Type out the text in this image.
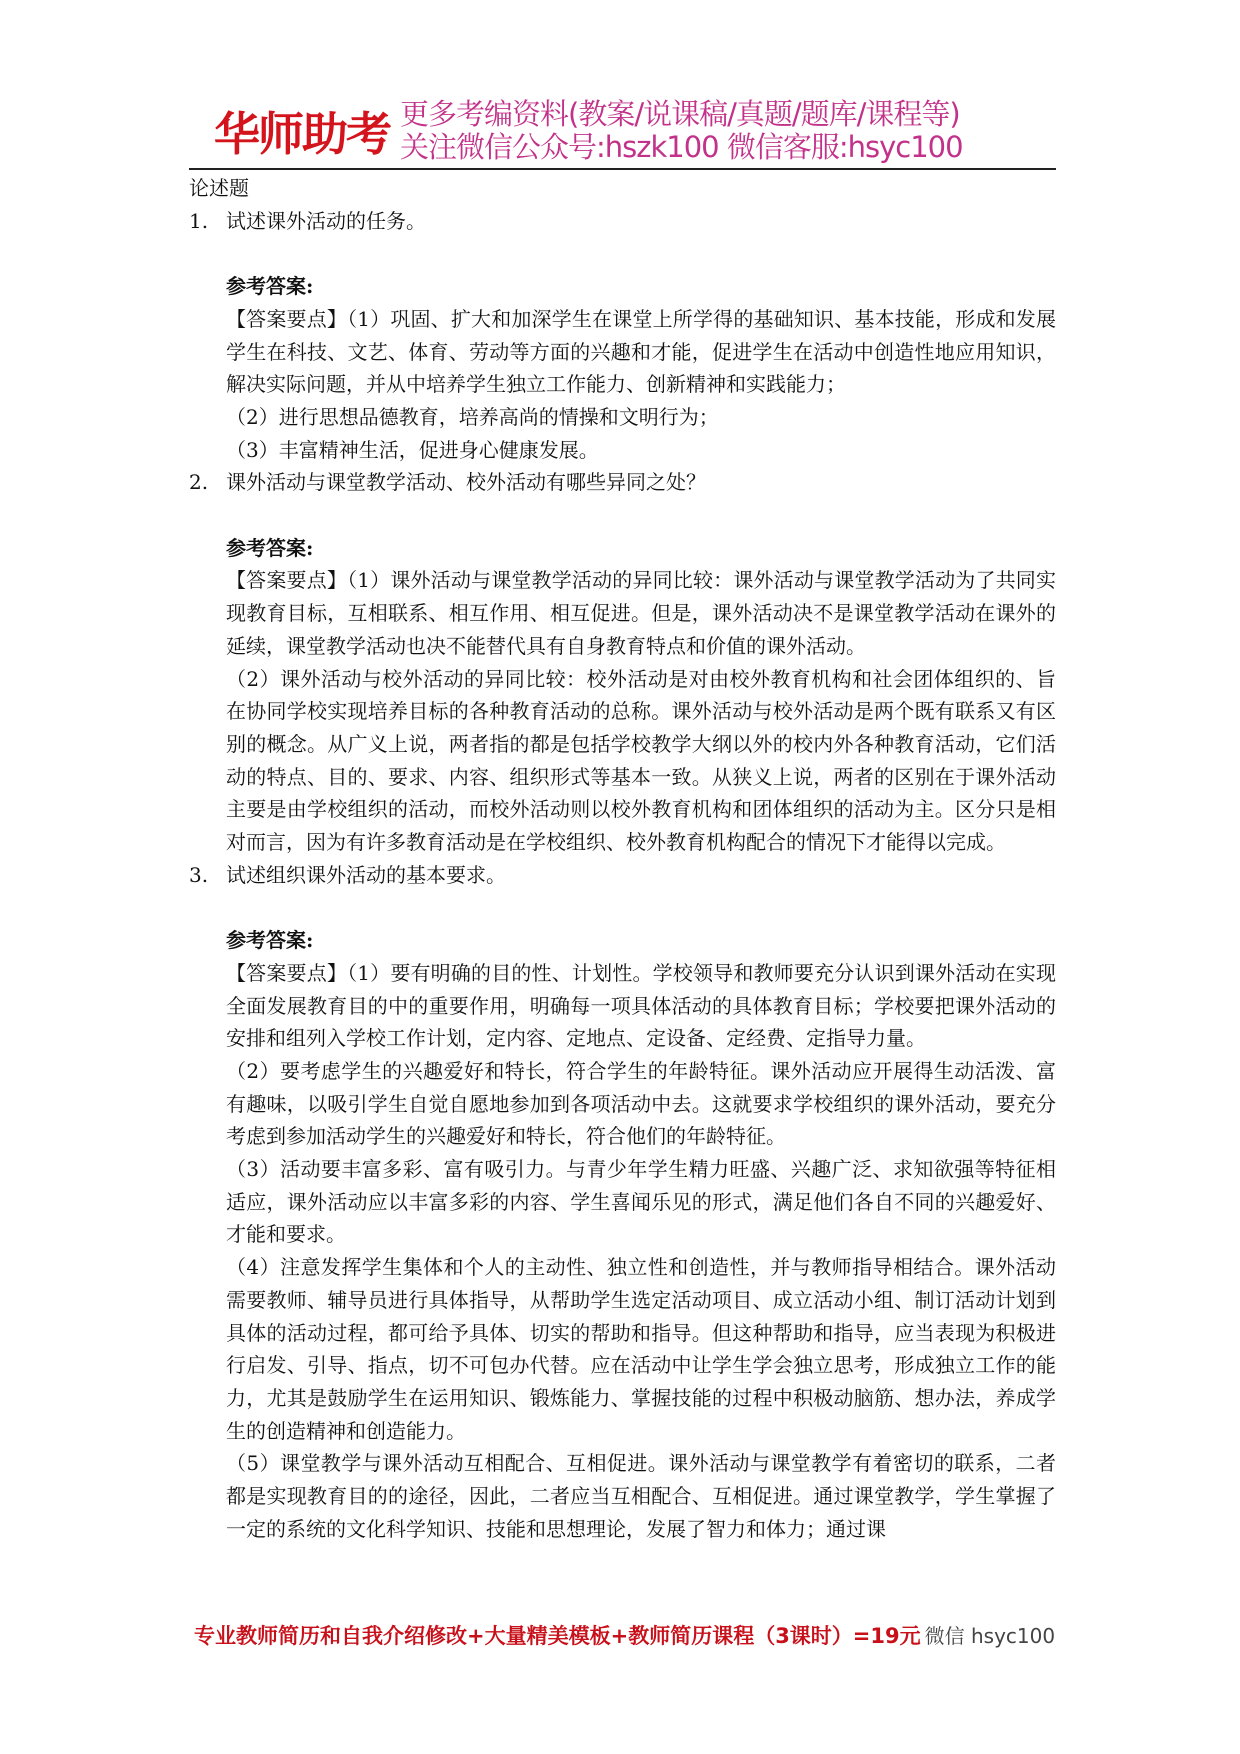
华师助考 更多考编资料(教案/说课稿/真题/题库/课程等)
关注微信公众号:hszk100 微信客服:hsyc100
论述题
1. 试述课外活动的任务。
参考答案:

【答案要点】（1）巩固、扩大和加深学生在课堂上所学得的基础知识、基本技能，形成和发展学生在科技、文艺、体育、劳动等方面的兴趣和才能，促进学生在活动中创造性地应用知识，解决实际问题，并从中培养学生独立工作能力、创新精神和实践能力；

（2）进行思想品德教育，培养高尚的情操和文明行为；

（3）丰富精神生活，促进身心健康发展。

2. 课外活动与课堂教学活动、校外活动有哪些异同之处？
参考答案:

【答案要点】（1）课外活动与课堂教学活动的异同比较：课外活动与课堂教学活动为了共同实现教育目标，互相联系、相互作用、相互促进。但是，课外活动决不是课堂教学活动在课外的延续，课堂教学活动也决不能替代具有自身教育特点和价值的课外活动。

（2）课外活动与校外活动的异同比较：校外活动是对由校外教育机构和社会团体组织的、旨在协同学校实现培养目标的各种教育活动的总称。课外活动与校外活动是两个既有联系又有区别的概念。从广义上说，两者指的都是包括学校教学大纲以外的校内外各种教育活动，它们活动的特点、目的、要求、内容、组织形式等基本一致。从狭义上说，两者的区别在于课外活动主要是由学校组织的活动，而校外活动则以校外教育机构和团体组织的活动为主。区分只是相对而言，因为有许多教育活动是在学校组织、校外教育机构配合的情况下才能得以完成。

3. 试述组织课外活动的基本要求。
参考答案:

【答案要点】（1）要有明确的目的性、计划性。学校领导和教师要充分认识到课外活动在实现全面发展教育目的中的重要作用，明确每一项具体活动的具体教育目标；学校要把课外活动的安排和组列入学校工作计划，定内容、定地点、定设备、定经费、定指导力量。

（2）要考虑学生的兴趣爱好和特长，符合学生的年龄特征。课外活动应开展得生动活泼、富有趣味，以吸引学生自觉自愿地参加到各项活动中去。这就要求学校组织的课外活动，要充分考虑到参加活动学生的兴趣爱好和特长，符合他们的年龄特征。

（3）活动要丰富多彩、富有吸引力。与青少年学生精力旺盛、兴趣广泛、求知欲强等特征相适应，课外活动应以丰富多彩的内容、学生喜闻乐见的形式，满足他们各自不同的兴趣爱好、才能和要求。

（4）注意发挥学生集体和个人的主动性、独立性和创造性，并与教师指导相结合。课外活动需要教师、辅导员进行具体指导，从帮助学生选定活动项目、成立活动小组、制订活动计划到具体的活动过程，都可给予具体、切实的帮助和指导。但这种帮助和指导，应当表现为积极进行启发、引导、指点，切不可包办代替。应在活动中让学生学会独立思考，形成独立工作的能力，尤其是鼓励学生在运用知识、锻炼能力、掌握技能的过程中积极动脑筋、想办法，养成学生的创造精神和创造能力。

（5）课堂教学与课外活动互相配合、互相促进。课外活动与课堂教学有着密切的联系，二者都是实现教育目的的途径，因此，二者应当互相配合、互相促进。通过课堂教学，学生掌握了一定的系统的文化科学知识、技能和思想理论，发展了智力和体力；通过课

专业教师简历和自我介绍修改+大量精美模板+教师简历课程（3课时）=19元 微信 hsyc100
